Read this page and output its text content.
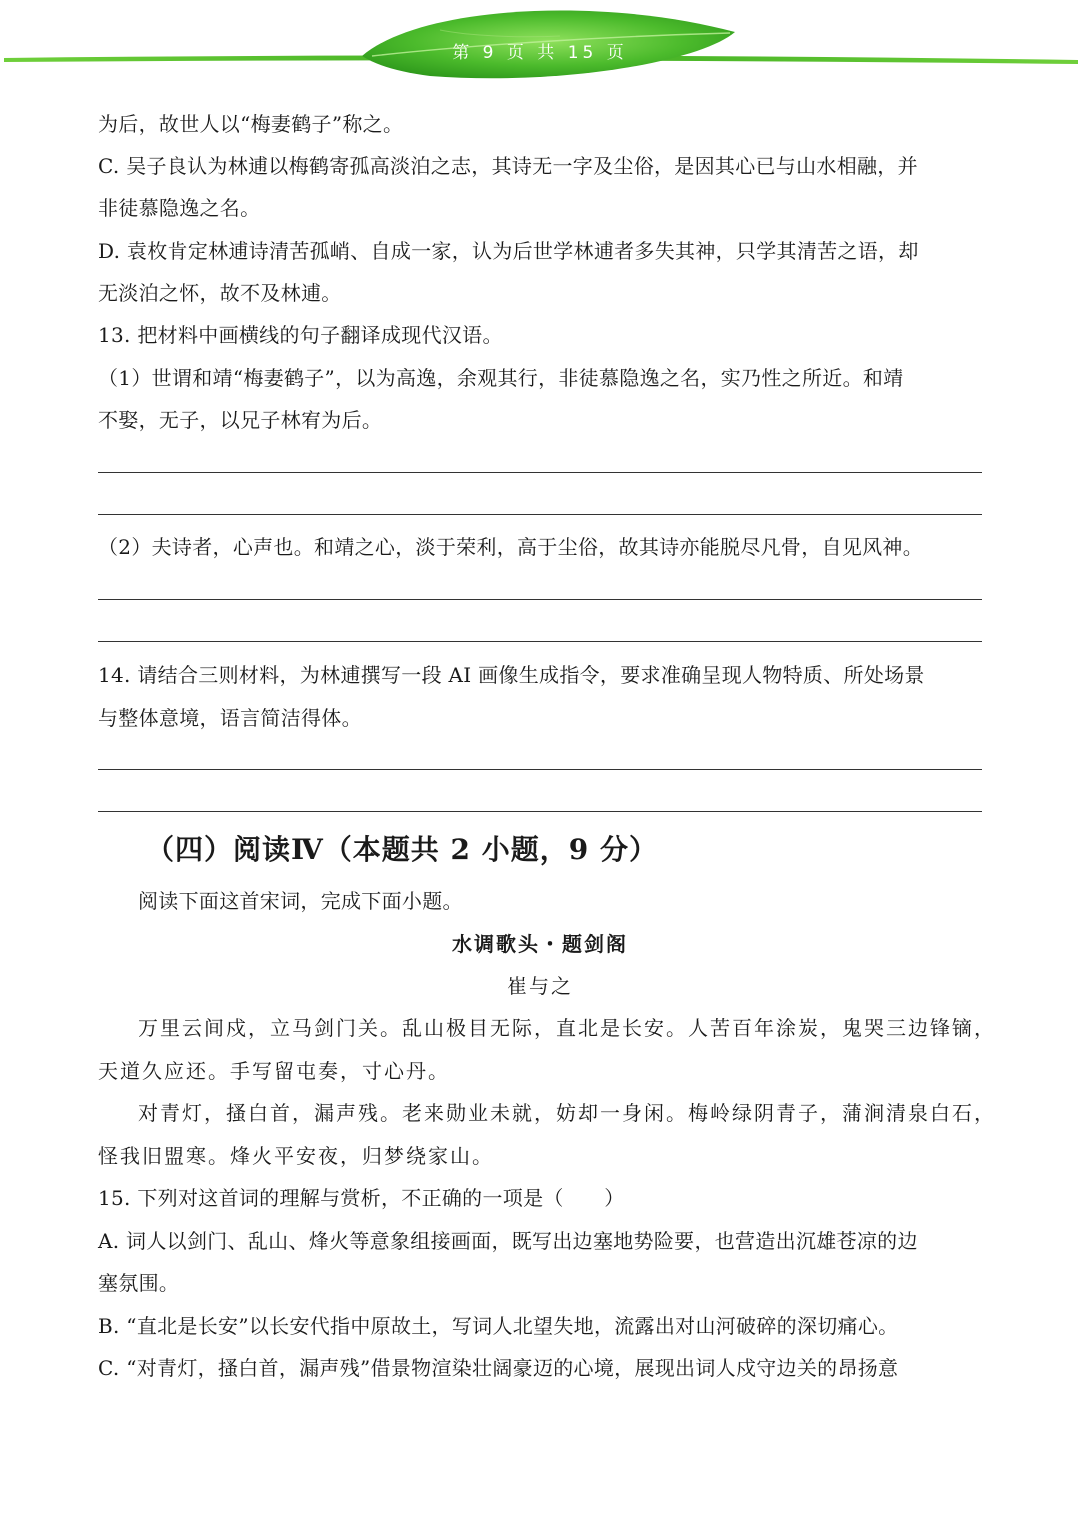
第 9 页 共 15 页
为后，故世人以“梅妻鹤子”称之。
C. 吴子良认为林逋以梅鹤寄孤高淡泊之志，其诗无一字及尘俗，是因其心已与山水相融，并
非徒慕隐逸之名。
D. 袁枚肯定林逋诗清苦孤峭、自成一家，认为后世学林逋者多失其神，只学其清苦之语，却
无淡泊之怀，故不及林逋。
13. 把材料中画横线的句子翻译成现代汉语。
（1）世谓和靖“梅妻鹤子”，以为高逸，余观其行，非徒慕隐逸之名，实乃性之所近。和靖
不娶，无子，以兄子林宥为后。
（2）夫诗者，心声也。和靖之心，淡于荣利，高于尘俗，故其诗亦能脱尽凡骨，自见风神。
14. 请结合三则材料，为林逋撰写一段 AI 画像生成指令，要求准确呈现人物特质、所处场景
与整体意境，语言简洁得体。
（四）阅读Ⅳ（本题共 2 小题，9 分）
阅读下面这首宋词，完成下面小题。
水调歌头・题剑阁
崔与之
万里云间戍，立马剑门关。乱山极目无际，直北是长安。人苦百年涂炭，鬼哭三边锋镝，
天道久应还。手写留屯奏，寸心丹。
对青灯，搔白首，漏声残。老来勋业未就，妨却一身闲。梅岭绿阴青子，蒲涧清泉白石，
怪我旧盟寒。烽火平安夜，归梦绕家山。
15. 下列对这首词的理解与赏析，不正确的一项是（　　）
A. 词人以剑门、乱山、烽火等意象组接画面，既写出边塞地势险要，也营造出沉雄苍凉的边
塞氛围。
B. “直北是长安”以长安代指中原故土，写词人北望失地，流露出对山河破碎的深切痛心。
C. “对青灯，搔白首，漏声残”借景物渲染壮阔豪迈的心境，展现出词人戍守边关的昂扬意
